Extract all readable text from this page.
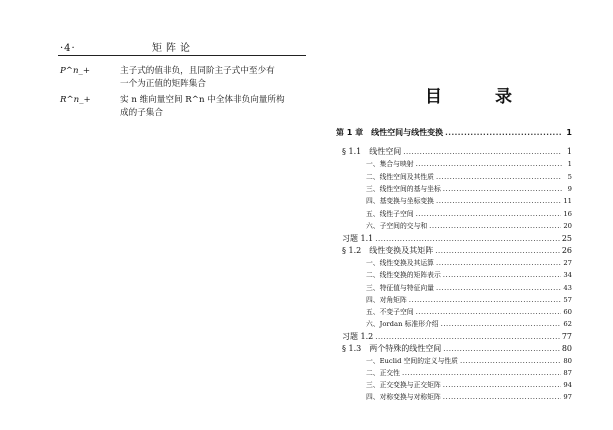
·4·	矩阵论
P^n_+	主子式的值非负，且同阶主子式中至少有
一个为正值的矩阵集合
R^n_+	实 n 维向量空间 R^n 中全体非负向量所构
成的子集合
目　录
第 1 章　线性空间与线性变换 .....	1
§ 1.1　线性空间 .....	1
一、集合与映射 .....	1
二、线性空间及其性质 .....	5
三、线性空间的基与坐标 .....	9
四、基变换与坐标变换 .....	11
五、线性子空间 .....	16
六、子空间的交与和 .....	20
习题 1.1 .....	25
§ 1.2　线性变换及其矩阵 .....	26
一、线性变换及其运算 .....	27
二、线性变换的矩阵表示 .....	34
三、特征值与特征向量 .....	43
四、对角矩阵 .....	57
五、不变子空间 .....	60
六、Jordan 标准形介绍 .....	62
习题 1.2 .....	77
§ 1.3　两个特殊的线性空间 .....	80
一、Euclid 空间的定义与性质 .....	80
二、正交性 .....	87
三、正交变换与正交矩阵 .....	94
四、对称变换与对称矩阵 .....	97
